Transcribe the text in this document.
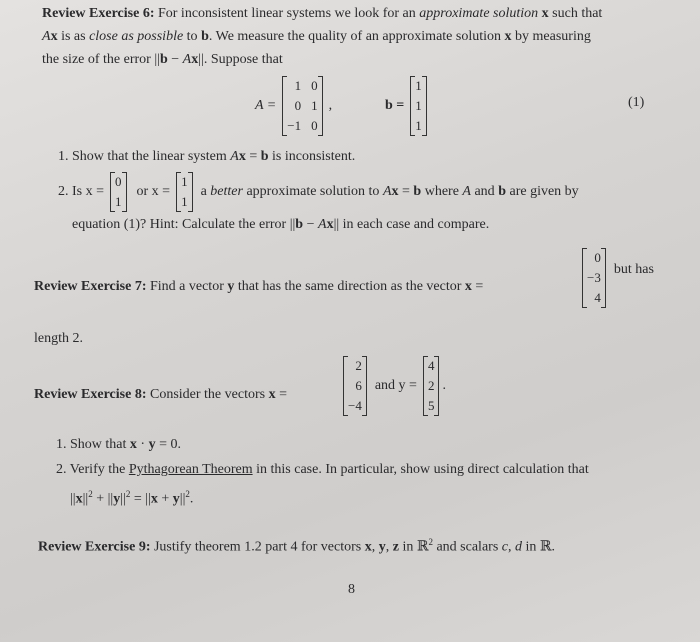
Review Exercise 6: For inconsistent linear systems we look for an approximate solution x such that
Ax is as close as possible to b. We measure the quality of an approximate solution x by measuring
the size of the error ||b − Ax||. Suppose that
A =
1 0
0 1
−1 0
,	b =
1
1
1
(1)
1. Show that the linear system Ax = b is inconsistent.
2. Is x =
0
1
or x =
1
1
a better approximate solution to Ax = b where A and b are given by
equation (1)? Hint: Calculate the error ||b − Ax|| in each case and compare.
Review Exercise 7: Find a vector y that has the same direction as the vector x =
0
−3
4
but has
length 2.
Review Exercise 8: Consider the vectors x =
2
6
−4
and y =
4
2
5
.
1. Show that x · y = 0.
2. Verify the Pythagorean Theorem in this case. In particular, show using direct calculation that
$||x||^2 + ||y||^2 = ||x + y||^2$.
Review Exercise 9: Justify theorem 1.2 part 4 for vectors x, y, z in ℝ$^2$ and scalars c, d in ℝ.
8
